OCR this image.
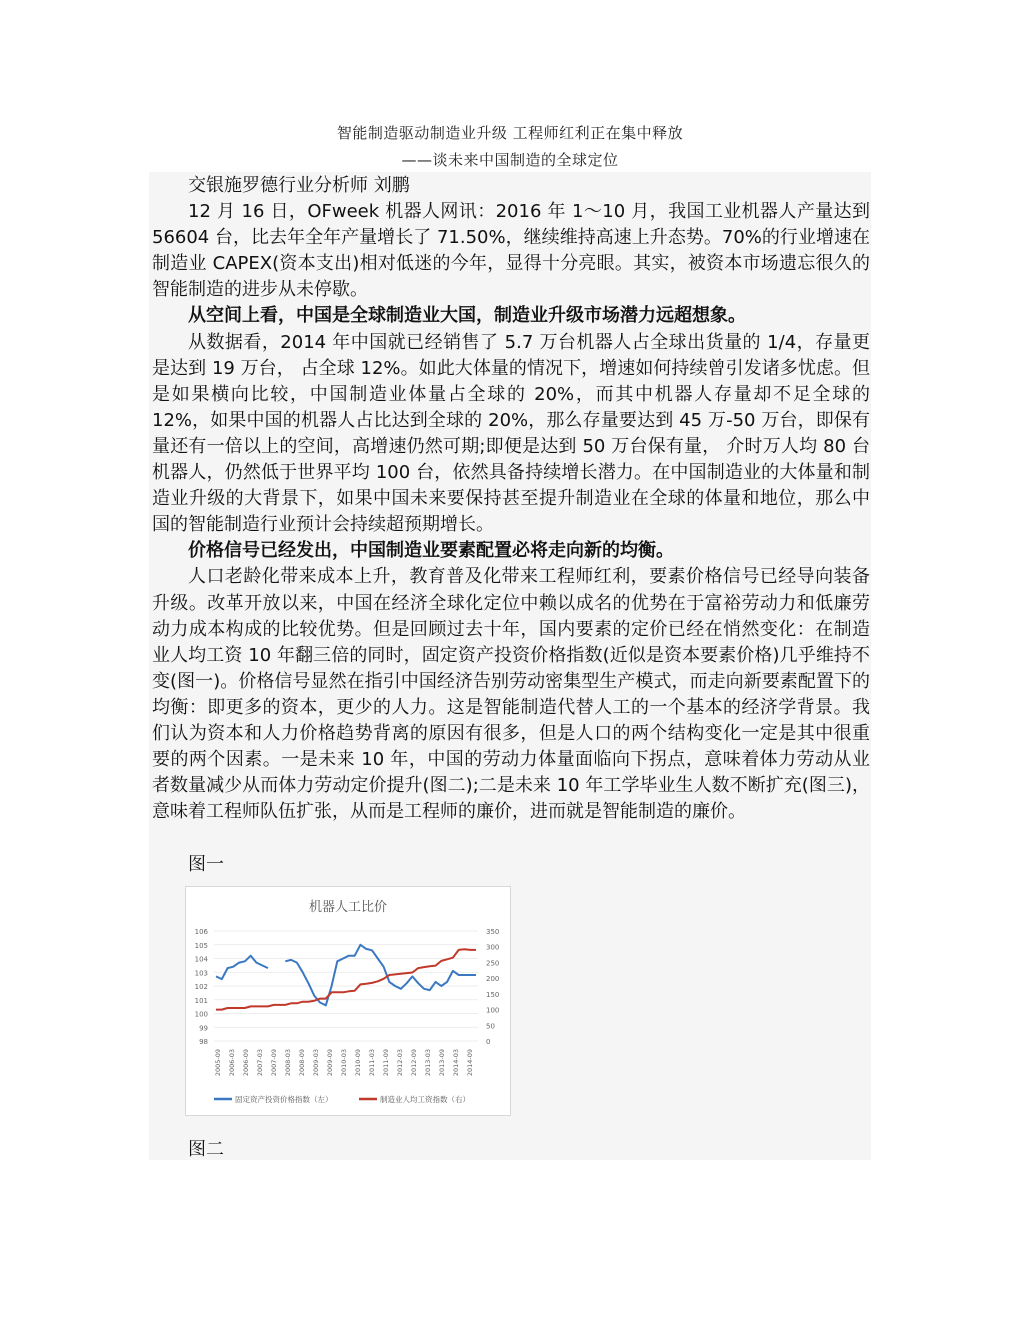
智能制造驱动制造业升级 工程师红利正在集中释放
——谈未来中国制造的全球定位

交银施罗德行业分析师 刘鹏

12 月 16 日，OFweek 机器人网讯：2016 年 1～10 月，我国工业机器人产量达到 56604 台，比去年全年产量增长了 71.50%，继续维持高速上升态势。70%的行业增速在制造业 CAPEX(资本支出)相对低迷的今年，显得十分亮眼。其实，被资本市场遗忘很久的智能制造的进步从未停歇。

从空间上看，中国是全球制造业大国，制造业升级市场潜力远超想象。

从数据看，2014 年中国就已经销售了 5.7 万台机器人占全球出货量的 1/4，存量更是达到 19 万台， 占全球 12%。如此大体量的情况下，增速如何持续曾引发诸多忧虑。但是如果横向比较，中国制造业体量占全球的 20%，而其中机器人存量却不足全球的 12%，如果中国的机器人占比达到全球的 20%，那么存量要达到 45 万-50 万台，即保有量还有一倍以上的空间，高增速仍然可期;即便是达到 50 万台保有量， 介时万人均 80 台机器人，仍然低于世界平均 100 台，依然具备持续增长潜力。在中国制造业的大体量和制造业升级的大背景下，如果中国未来要保持甚至提升制造业在全球的体量和地位，那么中国的智能制造行业预计会持续超预期增长。

价格信号已经发出，中国制造业要素配置必将走向新的均衡。

人口老龄化带来成本上升，教育普及化带来工程师红利，要素价格信号已经导向装备升级。改革开放以来，中国在经济全球化定位中赖以成名的优势在于富裕劳动力和低廉劳动力成本构成的比较优势。但是回顾过去十年，国内要素的定价已经在悄然变化：在制造业人均工资 10 年翻三倍的同时，固定资产投资价格指数(近似是资本要素价格)几乎维持不变(图一)。价格信号显然在指引中国经济告别劳动密集型生产模式，而走向新要素配置下的均衡：即更多的资本，更少的人力。这是智能制造代替人工的一个基本的经济学背景。我们认为资本和人力价格趋势背离的原因有很多，但是人口的两个结构变化一定是其中很重要的两个因素。一是未来 10 年，中国的劳动力体量面临向下拐点，意味着体力劳动从业者数量减少从而体力劳动定价提升(图二);二是未来 10 年工学毕业生人数不断扩充(图三)，意味着工程师队伍扩张，从而是工程师的廉价，进而就是智能制造的廉价。

图一
机器人工比价
98
99
100
101
102
103
104
105
106
0
50
100
150
200
250
300
350
2005-09 2006-03 2006-09 2007-03 2007-09 2008-03 2008-09 2009-03 2009-09 2010-03 2010-09 2011-03 2011-09 2012-03 2012-09 2013-03 2013-09 2014-03 2014-09
固定资产投资价格指数（左）	制造业人均工资指数（右）
图二
